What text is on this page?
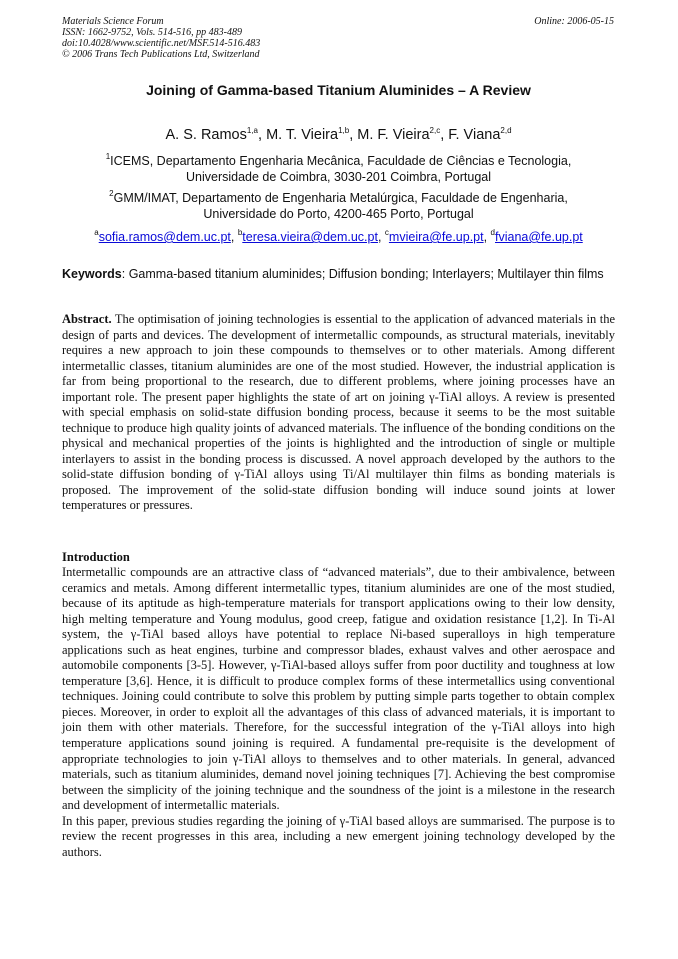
Materials Science Forum
ISSN: 1662-9752, Vols. 514-516, pp 483-489
doi:10.4028/www.scientific.net/MSF.514-516.483
© 2006 Trans Tech Publications Ltd, Switzerland
Online: 2006-05-15
Joining of Gamma-based Titanium Aluminides – A Review
A. S. Ramos$^{1,a}$, M. T. Vieira$^{1,b}$, M. F. Vieira$^{2,c}$, F. Viana$^{2,d}$
$^1$ICEMS, Departamento Engenharia Mecânica, Faculdade de Ciências e Tecnologia,
Universidade de Coimbra, 3030-201 Coimbra, Portugal
$^2$GMM/IMAT, Departamento de Engenharia Metalúrgica, Faculdade de Engenharia,
Universidade do Porto, 4200-465 Porto, Portugal
$^a$sofia.ramos@dem.uc.pt, $^b$teresa.vieira@dem.uc.pt, $^c$mvieira@fe.up.pt, $^d$fviana@fe.up.pt
Keywords: Gamma-based titanium aluminides; Diffusion bonding; Interlayers; Multilayer thin films
Abstract. The optimisation of joining technologies is essential to the application of advanced materials in the design of parts and devices. The development of intermetallic compounds, as structural materials, inevitably requires a new approach to join these compounds to themselves or to other materials. Among different intermetallic classes, titanium aluminides are one of the most studied. However, the industrial application is far from being proportional to the research, due to different problems, where joining processes have an important role. The present paper highlights the state of art on joining γ-TiAl alloys. A review is presented with special emphasis on solid-state diffusion bonding process, because it seems to be the most suitable technique to produce high quality joints of advanced materials. The influence of the bonding conditions on the physical and mechanical properties of the joints is highlighted and the introduction of single or multiple interlayers to assist in the bonding process is discussed. A novel approach developed by the authors to the solid-state diffusion bonding of γ-TiAl alloys using Ti/Al multilayer thin films as bonding materials is proposed. The improvement of the solid-state diffusion bonding will induce sound joints at lower temperatures or pressures.
Introduction

Intermetallic compounds are an attractive class of “advanced materials”, due to their ambivalence, between ceramics and metals. Among different intermetallic types, titanium aluminides are one of the most studied, because of its aptitude as high-temperature materials for transport applications owing to their low density, high melting temperature and Young modulus, good creep, fatigue and oxidation resistance [1,2]. In Ti-Al system, the γ-TiAl based alloys have potential to replace Ni-based superalloys in high temperature applications such as heat engines, turbine and compressor blades, exhaust valves and other aerospace and automobile components [3-5]. However, γ-TiAl-based alloys suffer from poor ductility and toughness at low temperature [3,6]. Hence, it is difficult to produce complex forms of these intermetallics using conventional techniques. Joining could contribute to solve this problem by putting simple parts together to obtain complex pieces. Moreover, in order to exploit all the advantages of this class of advanced materials, it is important to join them with other materials. Therefore, for the successful integration of the γ-TiAl alloys into high temperature applications sound joining is required. A fundamental pre-requisite is the development of appropriate technologies to join γ-TiAl alloys to themselves and to other materials. In general, advanced materials, such as titanium aluminides, demand novel joining techniques [7]. Achieving the best compromise between the simplicity of the joining technique and the soundness of the joint is a milestone in the research and development of intermetallic materials.

In this paper, previous studies regarding the joining of γ-TiAl based alloys are summarised. The purpose is to review the recent progresses in this area, including a new emergent joining technology developed by the authors.
